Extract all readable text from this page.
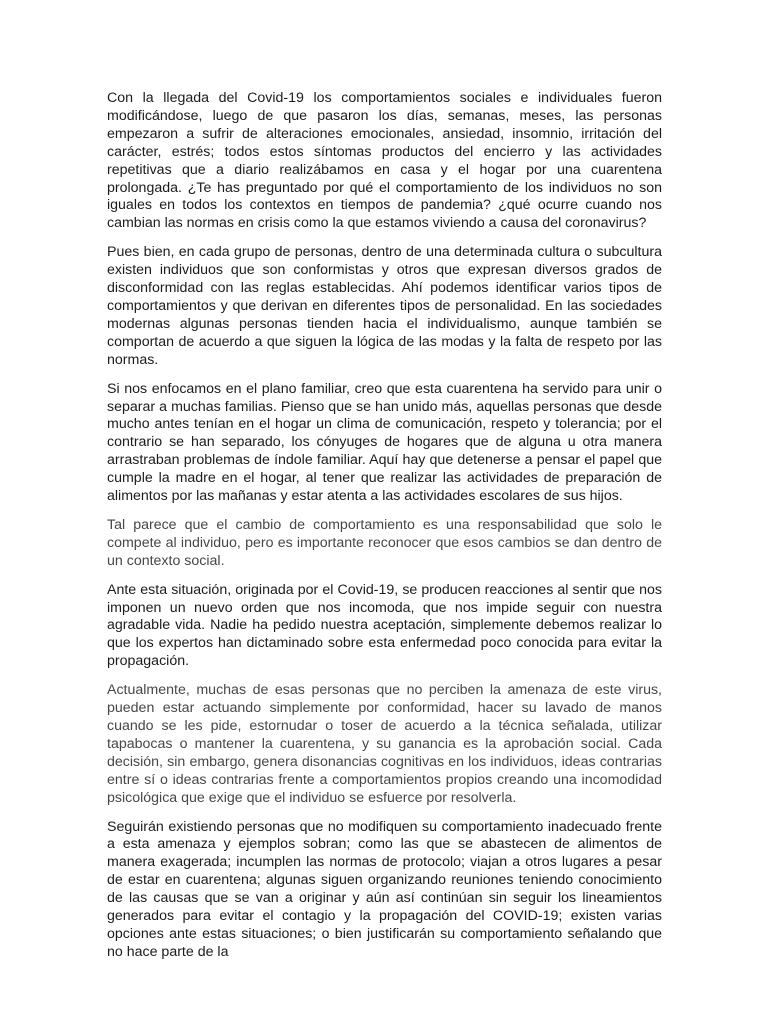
Con la llegada del Covid-19 los comportamientos sociales e individuales fueron modificándose, luego de que pasaron los días, semanas, meses, las personas empezaron a sufrir de alteraciones emocionales, ansiedad, insomnio, irritación del carácter, estrés; todos estos síntomas productos del encierro y las actividades repetitivas que a diario realizábamos en casa y el hogar por una cuarentena prolongada. ¿Te has preguntado por qué el comportamiento de los individuos no son iguales en todos los contextos en tiempos de pandemia? ¿qué ocurre cuando nos cambian las normas en crisis como la que estamos viviendo a causa del coronavirus?

Pues bien, en cada grupo de personas, dentro de una determinada cultura o subcultura existen individuos que son conformistas y otros que expresan diversos grados de disconformidad con las reglas establecidas. Ahí podemos identificar varios tipos de comportamientos y que derivan en diferentes tipos de personalidad. En las sociedades modernas algunas personas tienden hacia el individualismo, aunque también se comportan de acuerdo a que siguen la lógica de las modas y la falta de respeto por las normas.

Si nos enfocamos en el plano familiar, creo que esta cuarentena ha servido para unir o separar a muchas familias. Pienso que se han unido más, aquellas personas que desde mucho antes tenían en el hogar un clima de comunicación, respeto y tolerancia; por el contrario se han separado, los cónyuges de hogares que de alguna u otra manera arrastraban problemas de índole familiar. Aquí hay que detenerse a pensar el papel que cumple la madre en el hogar, al tener que realizar las actividades de preparación de alimentos por las mañanas y estar atenta a las actividades escolares de sus hijos.

Tal parece que el cambio de comportamiento es una responsabilidad que solo le compete al individuo, pero es importante reconocer que esos cambios se dan dentro de un contexto social.

Ante esta situación, originada por el Covid-19, se producen reacciones al sentir que nos imponen un nuevo orden que nos incomoda, que nos impide seguir con nuestra agradable vida. Nadie ha pedido nuestra aceptación, simplemente debemos realizar lo que los expertos han dictaminado sobre esta enfermedad poco conocida para evitar la propagación.

Actualmente, muchas de esas personas que no perciben la amenaza de este virus, pueden estar actuando simplemente por conformidad, hacer su lavado de manos cuando se les pide, estornudar o toser de acuerdo a la técnica señalada, utilizar tapabocas o mantener la cuarentena, y su ganancia es la aprobación social. Cada decisión, sin embargo, genera disonancias cognitivas en los individuos, ideas contrarias entre sí o ideas contrarias frente a comportamientos propios creando una incomodidad psicológica que exige que el individuo se esfuerce por resolverla.

Seguirán existiendo personas que no modifiquen su comportamiento inadecuado frente a esta amenaza y ejemplos sobran; como las que se abastecen de alimentos de manera exagerada; incumplen las normas de protocolo; viajan a otros lugares a pesar de estar en cuarentena; algunas siguen organizando reuniones teniendo conocimiento de las causas que se van a originar y aún así continúan sin seguir los lineamientos generados para evitar el contagio y la propagación del COVID-19; existen varias opciones ante estas situaciones; o bien justificarán su comportamiento señalando que no hace parte de la
